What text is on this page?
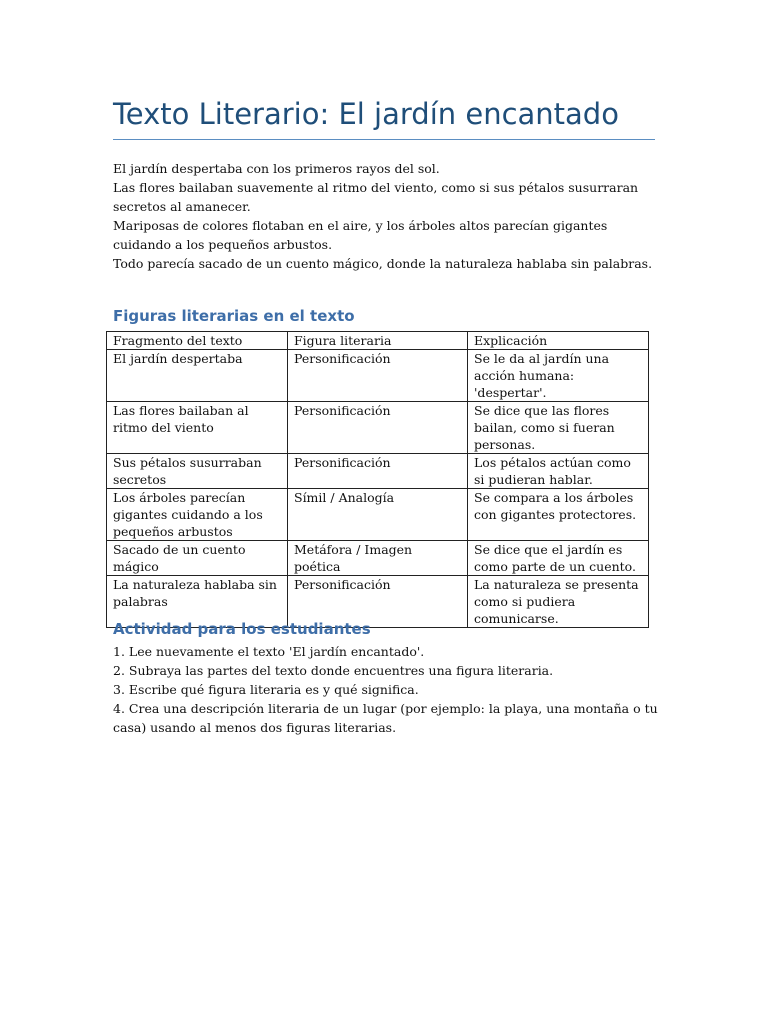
Texto Literario: El jardín encantado

El jardín despertaba con los primeros rayos del sol.

Las flores bailaban suavemente al ritmo del viento, como si sus pétalos susurraran secretos al amanecer.

Mariposas de colores flotaban en el aire, y los árboles altos parecían gigantes cuidando a los pequeños arbustos.

Todo parecía sacado de un cuento mágico, donde la naturaleza hablaba sin palabras.

Figuras literarias en el texto
Fragmento del texto	Figura literaria	Explicación
El jardín despertaba	Personificación	Se le da al jardín una acción humana: 'despertar'.
Las flores bailaban al ritmo del viento	Personificación	Se dice que las flores bailan, como si fueran personas.
Sus pétalos susurraban secretos	Personificación	Los pétalos actúan como si pudieran hablar.
Los árboles parecían gigantes cuidando a los pequeños arbustos	Símil / Analogía	Se compara a los árboles con gigantes protectores.
Sacado de un cuento mágico	Metáfora / Imagen poética	Se dice que el jardín es como parte de un cuento.
La naturaleza hablaba sin palabras	Personificación	La naturaleza se presenta como si pudiera comunicarse.
Actividad para los estudiantes

1. Lee nuevamente el texto 'El jardín encantado'.

2. Subraya las partes del texto donde encuentres una figura literaria.

3. Escribe qué figura literaria es y qué significa.

4. Crea una descripción literaria de un lugar (por ejemplo: la playa, una montaña o tu casa) usando al menos dos figuras literarias.
